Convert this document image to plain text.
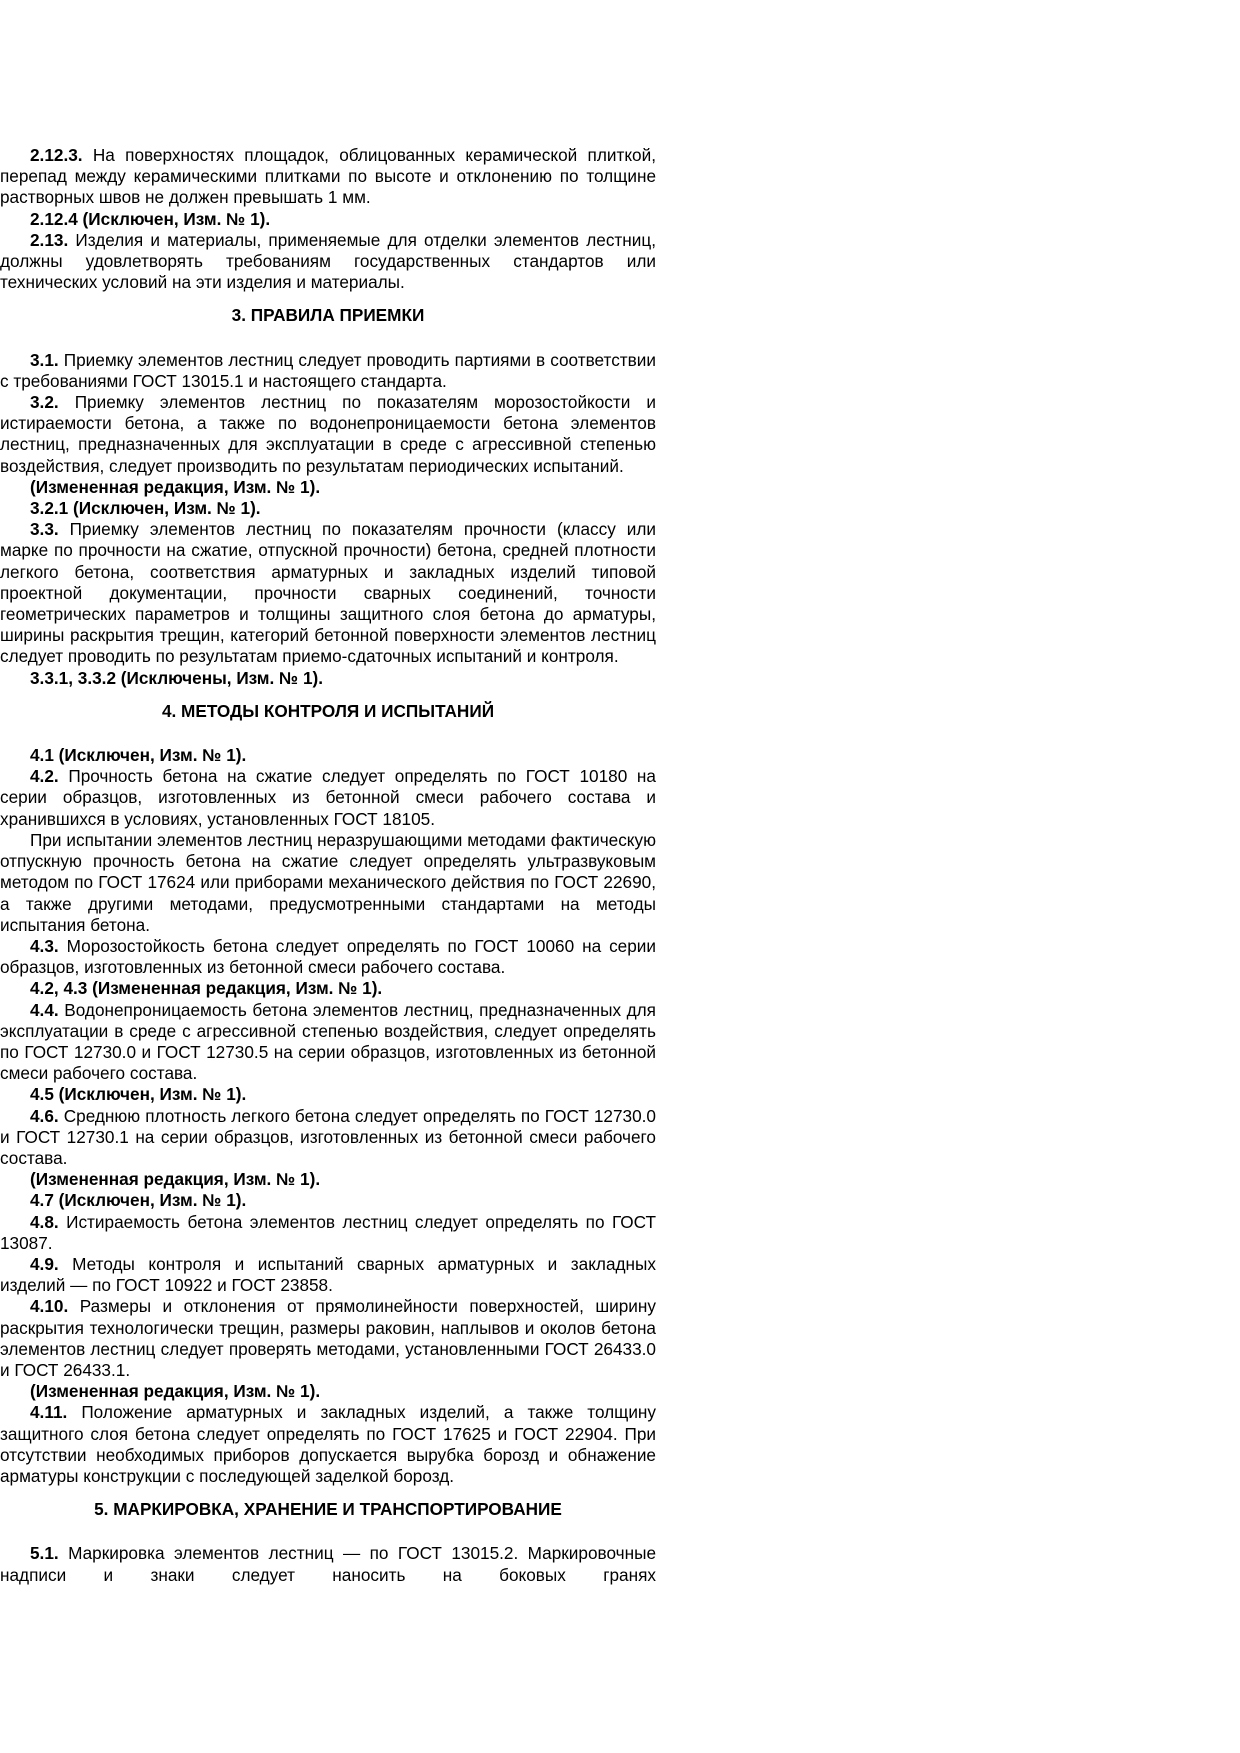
2.12.3. На поверхностях площадок, облицованных керамической плиткой, перепад между керамическими плитками по высоте и отклонению по толщине растворных швов не должен превышать 1 мм.
2.12.4 (Исключен, Изм. № 1).
2.13. Изделия и материалы, применяемые для отделки элементов лестниц, должны удовлетворять требованиям государственных стандартов или технических условий на эти изделия и материалы.
3. ПРАВИЛА ПРИЕМКИ
3.1. Приемку элементов лестниц следует проводить партиями в соответствии с требованиями ГОСТ 13015.1 и настоящего стандарта.
3.2. Приемку элементов лестниц по показателям морозостойкости и истираемости бетона, а также по водонепроницаемости бетона элементов лестниц, предназначенных для эксплуатации в среде с агрессивной степенью воздействия, следует производить по результатам периодических испытаний.
(Измененная редакция, Изм. № 1).
3.2.1 (Исключен, Изм. № 1).
3.3. Приемку элементов лестниц по показателям прочности (классу или марке по прочности на сжатие, отпускной прочности) бетона, средней плотности легкого бетона, соответствия арматурных и закладных изделий типовой проектной документации, прочности сварных соединений, точности геометрических параметров и толщины защитного слоя бетона до арматуры, ширины раскрытия трещин, категорий бетонной поверхности элементов лестниц следует проводить по результатам приемо-сдаточных испытаний и контроля.
3.3.1, 3.3.2 (Исключены, Изм. № 1).
4. МЕТОДЫ КОНТРОЛЯ И ИСПЫТАНИЙ
4.1 (Исключен, Изм. № 1).
4.2. Прочность бетона на сжатие следует определять по ГОСТ 10180 на серии образцов, изготовленных из бетонной смеси рабочего состава и хранившихся в условиях, установленных ГОСТ 18105.
При испытании элементов лестниц неразрушающими методами фактическую отпускную прочность бетона на сжатие следует определять ультразвуковым методом по ГОСТ 17624 или приборами механического действия по ГОСТ 22690, а также другими методами, предусмотренными стандартами на методы испытания бетона.
4.3. Морозостойкость бетона следует определять по ГОСТ 10060 на серии образцов, изготовленных из бетонной смеси рабочего состава.
4.2, 4.3 (Измененная редакция, Изм. № 1).
4.4. Водонепроницаемость бетона элементов лестниц, предназначенных для эксплуатации в среде с агрессивной степенью воздействия, следует определять по ГОСТ 12730.0 и ГОСТ 12730.5 на серии образцов, изготовленных из бетонной смеси рабочего состава.
4.5 (Исключен, Изм. № 1).
4.6. Среднюю плотность легкого бетона следует определять по ГОСТ 12730.0 и ГОСТ 12730.1 на серии образцов, изготовленных из бетонной смеси рабочего состава.
(Измененная редакция, Изм. № 1).
4.7 (Исключен, Изм. № 1).
4.8. Истираемость бетона элементов лестниц следует определять по ГОСТ 13087.
4.9. Методы контроля и испытаний сварных арматурных и закладных изделий — по ГОСТ 10922 и ГОСТ 23858.
4.10. Размеры и отклонения от прямолинейности поверхностей, ширину раскрытия технологически трещин, размеры раковин, наплывов и околов бетона элементов лестниц следует проверять методами, установленными ГОСТ 26433.0 и ГОСТ 26433.1.
(Измененная редакция, Изм. № 1).
4.11. Положение арматурных и закладных изделий, а также толщину защитного слоя бетона следует определять по ГОСТ 17625 и ГОСТ 22904. При отсутствии необходимых приборов допускается вырубка борозд и обнажение арматуры конструкции с последующей заделкой борозд.
5. МАРКИРОВКА, ХРАНЕНИЕ И ТРАНСПОРТИРОВАНИЕ
5.1. Маркировка элементов лестниц — по ГОСТ 13015.2. Маркировочные надписи и знаки следует наносить на боковых гранях
